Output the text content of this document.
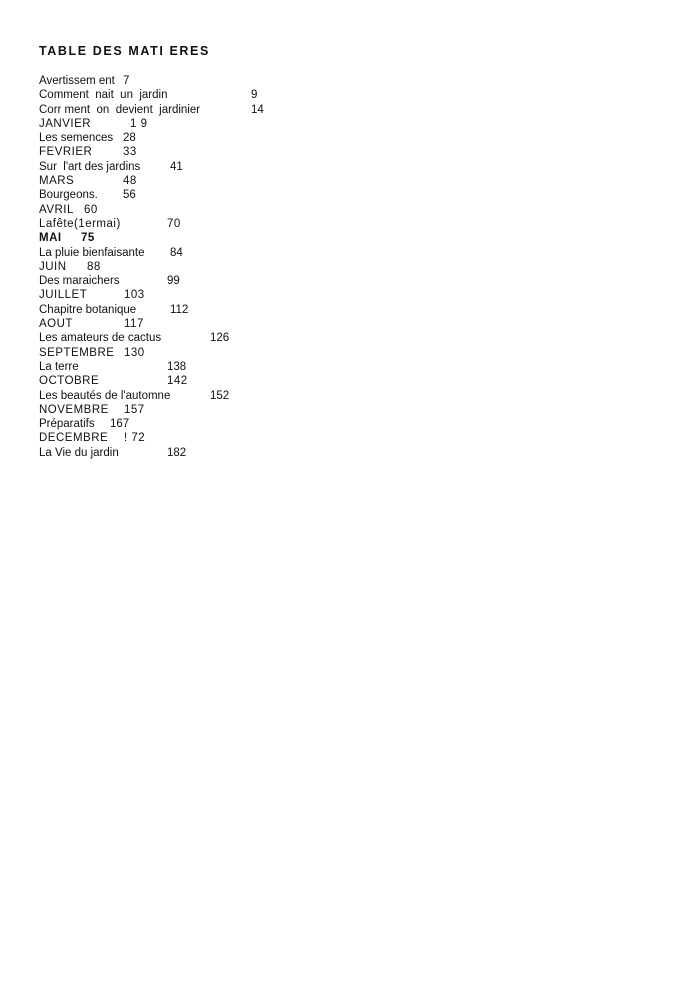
TABLE DES MATI ERES
Avertissem ent 7
Comment  nait  un  jardin	9
Corr ment  on  devient  jardinier	14
JANVIER	1 9
Les semences 28
FEVRIER	33
Sur  l'art des jardins	41
MARS	48
Bourgeons. 56
AVRIL 60
Lafête(1ermai)	70
MAI 75
La pluie bienfaisante 84
JUIN 88
Des maraichers	99
JUILLET	103
Chapitre botanique	112
AOUT	117
Les amateurs de cactus	126
SEPTEMBRE 130
La terre	138
OCTOBRE	142
Les beautés de l'automne	152
NOVEMBRE 157
Préparatifs 167
DECEMBRE ! 72
La Vie du jardin	182
